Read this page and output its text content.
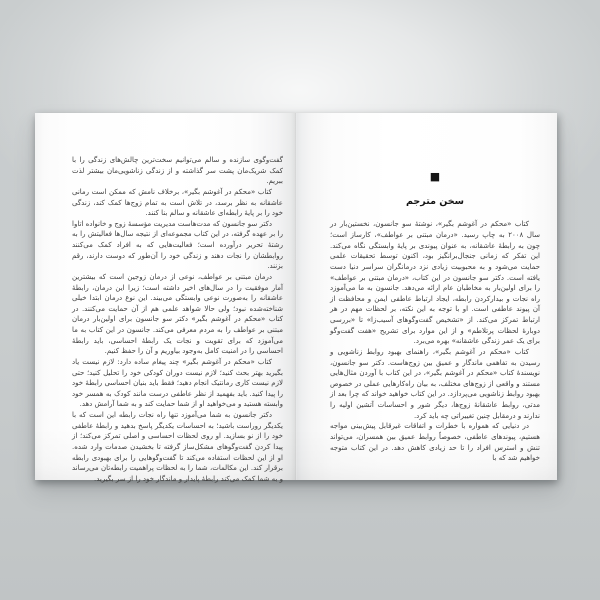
گفت‌وگوی سازنده و سالم می‌توانیم سخت‌ترین چالش‌های زندگی را با کمک شریک‌مان پشت سر گذاشته و از زندگی زناشویی‌مان بیشتر لذت ببریم.

کتاب «محکم در آغوشم بگیر»، برخلاف نامش که ممکن است رمانی عاشقانه به نظر برسد، در تلاش است به تمام زوج‌ها کمک کند، زندگی خود را بر پایهٔ رابطه‌ای عاشقانه و سالم بنا کنند.

دکتر سو جانسون که مدت‌هاست مدیریت مؤسسهٔ زوج و خانواده اتاوا را بر عهده گرفته، در این کتاب مجموعه‌ای از نتیجه سال‌ها فعالیتش را به رشتهٔ تحریر درآورده است؛ فعالیت‌هایی که به افراد کمک می‌کنند روابطشان را نجات دهند و زندگی خود را آن‌طور که دوست دارند، رقم بزنند.

درمان مبتنی بر عواطف، نوعی از درمان زوجین است که بیشترین آمار موفقیت را در سال‌های اخیر داشته است؛ زیرا این درمان، رابطهٔ عاشقانه را به‌صورت نوعی وابستگی می‌بیند. این نوع درمان ابتدا خیلی شناخته‌شده نبود؛ ولی حالا شواهد علمی هم از آن حمایت می‌کنند. در کتاب «محکم در آغوشم بگیر» دکتر سو جانسون برای اولین‌بار درمان مبتنی بر عواطف را به مردم معرفی می‌کند. جانسون در این کتاب به ما می‌آموزد که برای تقویت و نجات یک رابطهٔ احساسی، باید رابطهٔ احساسی را در امنیت کامل به‌وجود بیاوریم و آن را حفظ کنیم.

کتاب «محکم در آغوشم بگیر» چند پیغام ساده دارد: لازم نیست یاد بگیرید بهتر بحث کنید؛ لازم نیست دوران کودکی خود را تحلیل کنید؛ حتی لازم نیست کاری رمانتیک انجام دهید؛ فقط باید بنیان احساسی رابطهٔ خود را پیدا کنید. باید بفهمید از نظر عاطفی درست مانند کودک به همسر خود وابسته هستید و می‌خواهید او از شما حمایت کند و به شما آرامش دهد.

دکتر جانسون به شما می‌آموزد تنها راه نجات رابطه این است که با یکدیگر روراست باشید؛ به احساسات یکدیگر پاسخ بدهید و رابطهٔ عاطفی خود را از نو بسازید. او روی لحظات احساسی و اصلی تمرکز می‌کند؛ از پیدا کردن گفت‌وگوهای مشکل‌ساز گرفته تا بخشیدن صدمات وارد شده. او از این لحظات استفاده می‌کند تا گفت‌وگوهایی را برای بهبودی رابطه برقرار کند. این مکالمات، شما را به لحظات پراهمیت رابطه‌تان می‌رساند و به شما کمک می‌کند رابطهٔ پایدار و ماندگار خود را از سر بگیرید.

■
سخن مترجم

کتاب «محکم در آغوشم بگیر»، نوشتهٔ سو جانسون، نخستین‌بار در سال ۲۰۰۸ به چاپ رسید. «درمان مبتنی بر عواطف»، کارساز است؛ چون به رابطهٔ عاشقانه، به عنوان پیوندی بر پایهٔ وابستگی نگاه می‌کند. این تفکر که زمانی جنجال‌برانگیز بود، اکنون توسط تحقیقات علمی حمایت می‌شود و به محبوبیت زیادی نزد درمانگران سراسر دنیا دست یافته است. دکتر سو جانسون در این کتاب، «درمان مبتنی بر عواطف» را برای اولین‌بار به مخاطبان عام ارائه می‌دهد. جانسون به ما می‌آموزد راه نجات و بیدارکردن رابطه، ایجاد ارتباط عاطفی ایمن و محافظت از آن پیوند عاطفی است. او با توجه به این نکته، بر لحظات مهم در هر ارتباط تمرکز می‌کند. از «تشخیص گفت‌وگوهای آسیب‌زا» تا «بررسی دوبارهٔ لحظات پرتلاطم» و از این موارد برای تشریح «هفت گفت‌وگو برای یک عمر زندگی عاشقانه» بهره می‌برد.

کتاب «محکم در آغوشم بگیر»، راهنمای بهبود روابط زناشویی و رسیدن به تفاهمی ماندگار و عمیق بین زوج‌هاست. دکتر سو جانسون، نویسندهٔ کتاب «محکم در آغوشم بگیر»، در این کتاب با آوردن مثال‌هایی مستند و واقعی از زوج‌های مختلف، به بیان راه‌کارهایی عملی در خصوص بهبود روابط زناشویی می‌پردازد. در این کتاب خواهید خواند که چرا بعد از مدتی، روابط عاشقانهٔ زوج‌ها، دیگر شور و احساسات آتشین اولیه را ندارند و درمقابل چنین تغییراتی چه باید کرد.

در دنیایی که همواره با خطرات و اتفاقات غیرقابل پیش‌بینی مواجه هستیم، پیوندهای عاطفی، خصوصاً روابط عمیق بین همسران، می‌تواند تنش و استرس افراد را تا حد زیادی کاهش دهد. در این کتاب متوجه خواهیم شد که با
